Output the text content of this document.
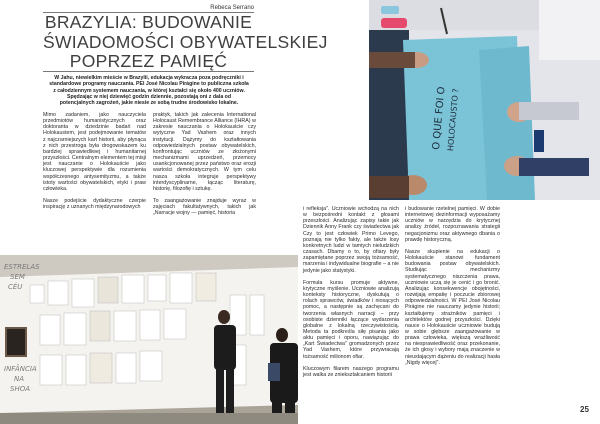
Rebeca Serrano
BRAZYLIA: BUDOWANIE
ŚWIADOMOŚCI OBYWATELSKIEJ
POPRZEZ PAMIĘĆ
W Jahu, niewielkim mieście w Brazylii, edukacja wykracza poza podręczniki i standardowe programy nauczania. PEI José Nicolau Pirágine to publiczna szkoła z całodziennym systemem nauczania, w której kształci się około 400 uczniów. Spędzając w niej dziewięć godzin dziennie, pozostają oni z dala od potencjalnych zagrożeń, jakie niesie ze sobą trudne środowisko lokalne.

Mimo zadaniem, jako nauczyciela przedmiotów humanistycznych oraz doktoranta w dziedzinie badań nad Holokaustem, jest podejmowanie tematów z najczarniejszych kart historii, aby płynąca z nich przestroga była drogowskazem ku bardziej sprawiedliwej i humanitarnej przyszłości. Centralnym elementem tej misji jest nauczanie o Holokauście jako kluczowej perspektywie dla rozumienia współczesnego antysemityzmu, a także istoty wartości obywatelskich, etyki i praw człowieka.

Nasze podejście dydaktyczne czerpie inspirację z uznanych międzynarodowych

praktyk, takich jak zalecenia International Holocaust Remembrance Alliance (IHRA) w zakresie nauczania o Holokauście czy wytyczne Yad Vashem oraz innych instytucji. Dążymy do kształtowania odpowiedzialnych postaw obywatelskich, konfrontując uczniów ze złożonymi mechanizmami uprzedzeń, przemocy usankcjonowanej przez państwo oraz erozji wartości demokratycznych. W tym celu nasza szkoła integruje perspektywy interdyscyplinarne, łącząc literaturę, historię, filozofię i sztukę.

To zaangażowanie znajduje wyraz w zajęciach fakultatywnych, takich jak „Narracje wojny — pamięć, historia

i refleksja". Uczniowie wchodzą na nich w bezpośredni kontakt z głosami przeszłości. Analizując zapisy takie jak Dziennik Anny Frank czy świadectwa jak Czy to jest człowiek Primo Levego, poznają nie tylko fakty, ale także losy konkretnych ludzi w tamtych nieludzkich czasach. Dbamy o to, by ofiary były zapamiętane poprzez swoją tożsamość, marzenia i indywidualne biografie – a nie jedynie jako statystyki.

Formuła kursu promuje aktywne, krytyczne myślenie. Uczniowie analizują konteksty historyczne, dyskutują o rolach sprawców, świadków i niosących pomoc, a następnie są zachęcani do tworzenia własnych narracji – przy osobiste dzienniki łączące wydarzenia globalne z lokalną rzeczywistością. Metoda ta podkreśla siłę pisania jako aktu pamięci i oporu, nawiązując do „Kart Świadectwa" gromadzonych przez Yad Vashem, które przywracają tożsamość milionom ofiar.

Kluczowym filarem naszego programu jest walka ze zniekształcaniem historii

i budowanie rzetelnej pamięci. W dobie internetowej dezinformacji wyposażamy uczniów w narzędzia do krytycznej analizy źródeł, rozpoznawania strategii negacjonizmu oraz aktywnego dbania o prawdę historyczną.

Nasze skupienie na edukacji o Holokauście stanowi fundament budowania postaw obywatelskich. Studiując mechanizmy systematycznego niszczenia prawa, uczniowie uczą się je cenić i go bronić. Analizując konsekwencje obojętności, rozwijają empatię i poczucie zbiorowej odpowiedzialności. W PEI José Nicolau Pirágine nie nauczamy jedynie historii; kształtujemy strażników pamięci i architektów godnej przyszłości. Dzięki nauce o Holokauście uczniowie budują w sobie głębsze zaangażowanie w prawa człowieka, większą wrażliwość na niesprawiedliwość oraz przekonanie, że ich głosy i wybory mają znaczenie w nieustającym dążeniu do realizacji hasła „Nigdy więcej".

ESTRELAS
SEM
CÉU
INFÂNCIA
NA
SHOA
O QUE FOI O
HOLOCAUSTO ?
25
